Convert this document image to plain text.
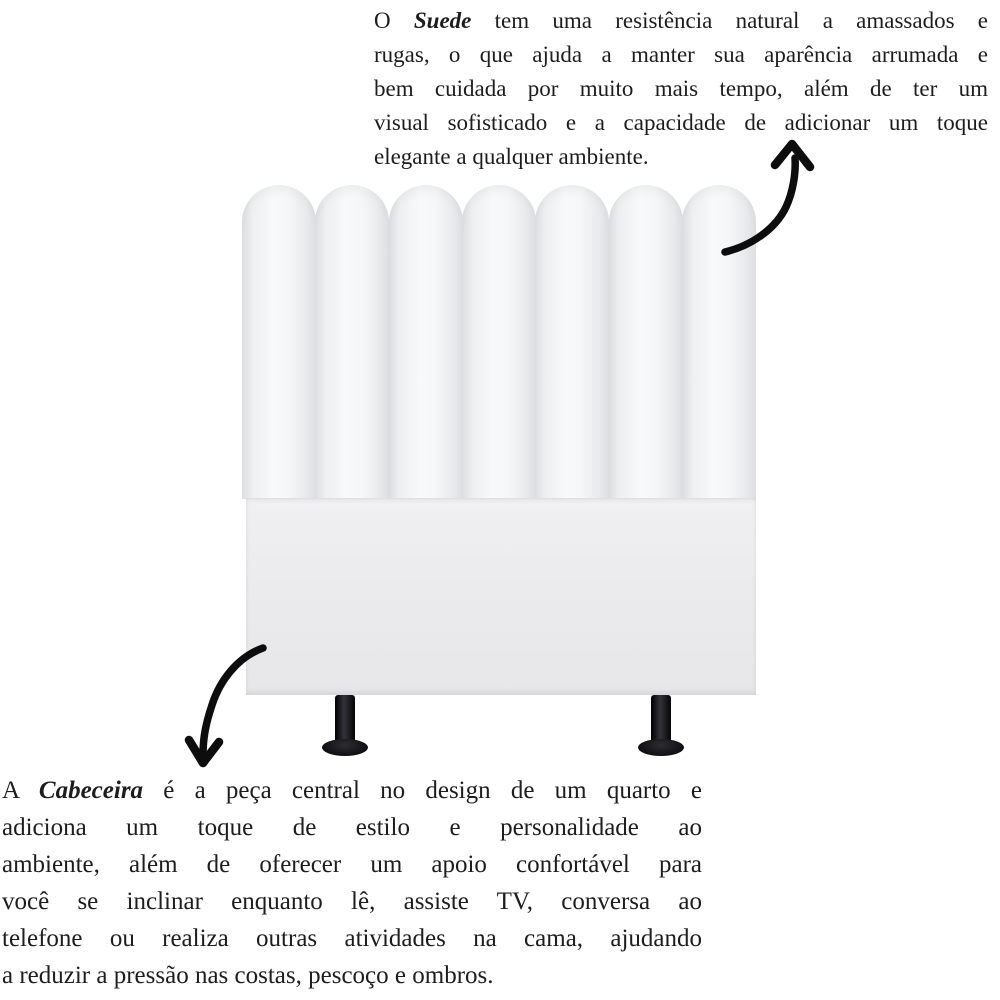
O Suede tem uma resistência natural a amassados e
rugas, o que ajuda a manter sua aparência arrumada e
bem cuidada por muito mais tempo, além de ter um
visual sofisticado e a capacidade de adicionar um toque
elegante a qualquer ambiente.
A Cabeceira é a peça central no design de um quarto e
adiciona um toque de estilo e personalidade ao
ambiente, além de oferecer um apoio confortável para
você se inclinar enquanto lê, assiste TV, conversa ao
telefone ou realiza outras atividades na cama, ajudando
a reduzir a pressão nas costas, pescoço e ombros.
